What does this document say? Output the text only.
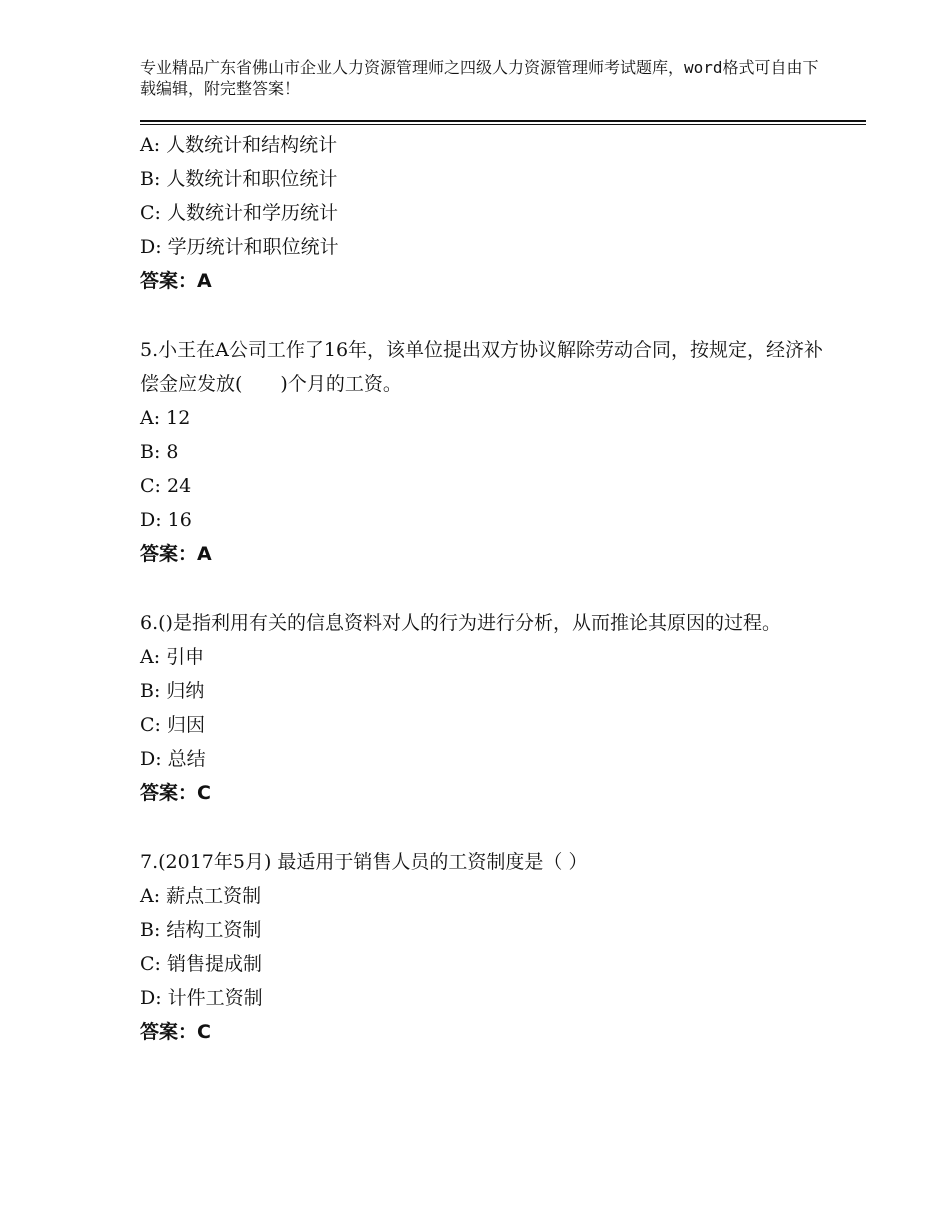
专业精品广东省佛山市企业人力资源管理师之四级人力资源管理师考试题库，word格式可自由下载编辑，附完整答案！
A: 人数统计和结构统计
B: 人数统计和职位统计
C: 人数统计和学历统计
D: 学历统计和职位统计
答案：A
5.小王在A公司工作了16年，该单位提出双方协议解除劳动合同，按规定，经济补偿金应发放(　　)个月的工资。
A: 12
B: 8
C: 24
D: 16
答案：A
6.()是指利用有关的信息资料对人的行为进行分析，从而推论其原因的过程。
A: 引申
B: 归纳
C: 归因
D: 总结
答案：C
7.(2017年5月) 最适用于销售人员的工资制度是（ ）
A: 薪点工资制
B: 结构工资制
C: 销售提成制
D: 计件工资制
答案：C
